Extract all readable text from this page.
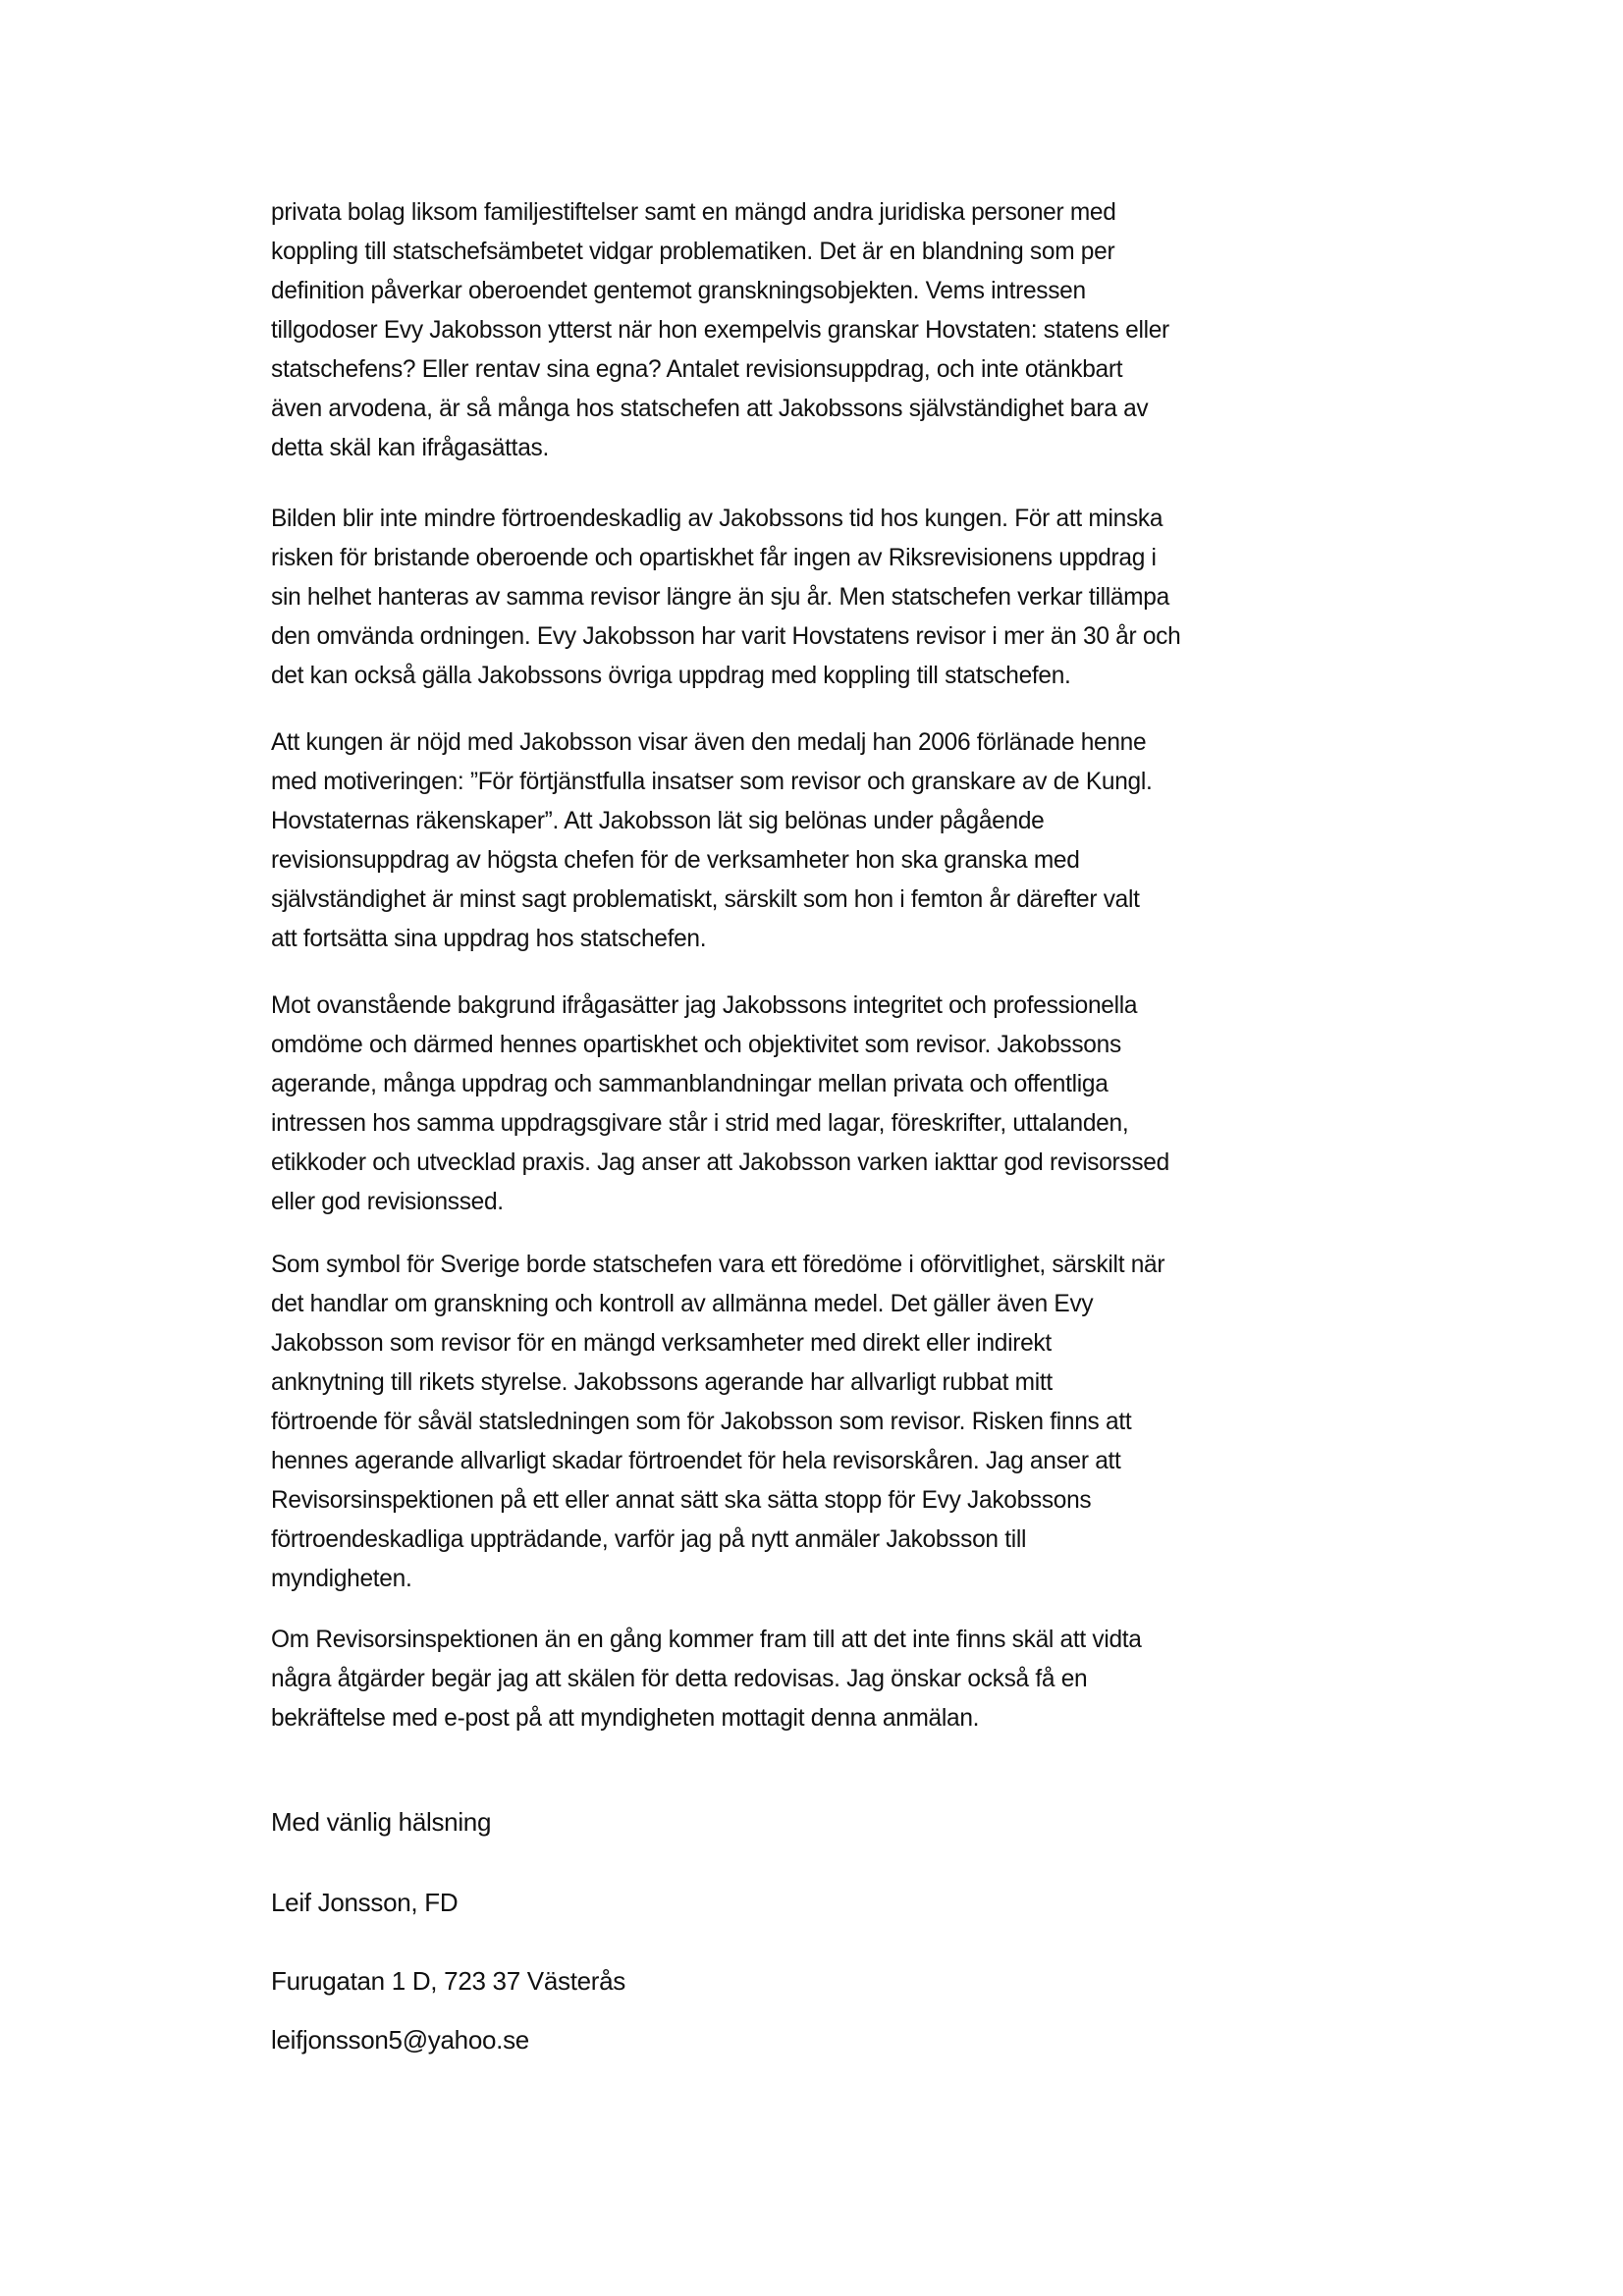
privata bolag liksom familjestiftelser samt en mängd andra juridiska personer med
koppling till statschefsämbetet vidgar problematiken. Det är en blandning som per
definition påverkar oberoendet gentemot granskningsobjekten. Vems intressen
tillgodoser Evy Jakobsson ytterst när hon exempelvis granskar Hovstaten: statens eller
statschefens? Eller rentav sina egna? Antalet revisionsuppdrag, och inte otänkbart
även arvodena, är så många hos statschefen att Jakobssons självständighet bara av
detta skäl kan ifrågasättas.
Bilden blir inte mindre förtroendeskadlig av Jakobssons tid hos kungen. För att minska
risken för bristande oberoende och opartiskhet får ingen av Riksrevisionens uppdrag i
sin helhet hanteras av samma revisor längre än sju år. Men statschefen verkar tillämpa
den omvända ordningen. Evy Jakobsson har varit Hovstatens revisor i mer än 30 år och
det kan också gälla Jakobssons övriga uppdrag med koppling till statschefen.
Att kungen är nöjd med Jakobsson visar även den medalj han 2006 förlänade henne
med motiveringen: ”För förtjänstfulla insatser som revisor och granskare av de Kungl.
Hovstaternas räkenskaper”. Att Jakobsson lät sig belönas under pågående
revisionsuppdrag av högsta chefen för de verksamheter hon ska granska med
självständighet är minst sagt problematiskt, särskilt som hon i femton år därefter valt
att fortsätta sina uppdrag hos statschefen.
Mot ovanstående bakgrund ifrågasätter jag Jakobssons integritet och professionella
omdöme och därmed hennes opartiskhet och objektivitet som revisor. Jakobssons
agerande, många uppdrag och sammanblandningar mellan privata och offentliga
intressen hos samma uppdragsgivare står i strid med lagar, föreskrifter, uttalanden,
etikkoder och utvecklad praxis. Jag anser att Jakobsson varken iakttar god revisorssed
eller god revisionssed.
Som symbol för Sverige borde statschefen vara ett föredöme i oförvitlighet, särskilt när
det handlar om granskning och kontroll av allmänna medel. Det gäller även Evy
Jakobsson som revisor för en mängd verksamheter med direkt eller indirekt
anknytning till rikets styrelse. Jakobssons agerande har allvarligt rubbat mitt
förtroende för såväl statsledningen som för Jakobsson som revisor. Risken finns att
hennes agerande allvarligt skadar förtroendet för hela revisorskåren. Jag anser att
Revisorsinspektionen på ett eller annat sätt ska sätta stopp för Evy Jakobssons
förtroendeskadliga uppträdande, varför jag på nytt anmäler Jakobsson till
myndigheten.
Om Revisorsinspektionen än en gång kommer fram till att det inte finns skäl att vidta
några åtgärder begär jag att skälen för detta redovisas. Jag önskar också få en
bekräftelse med e-post på att myndigheten mottagit denna anmälan.
Med vänlig hälsning
Leif Jonsson, FD
Furugatan 1 D, 723 37 Västerås
leifjonsson5@yahoo.se
